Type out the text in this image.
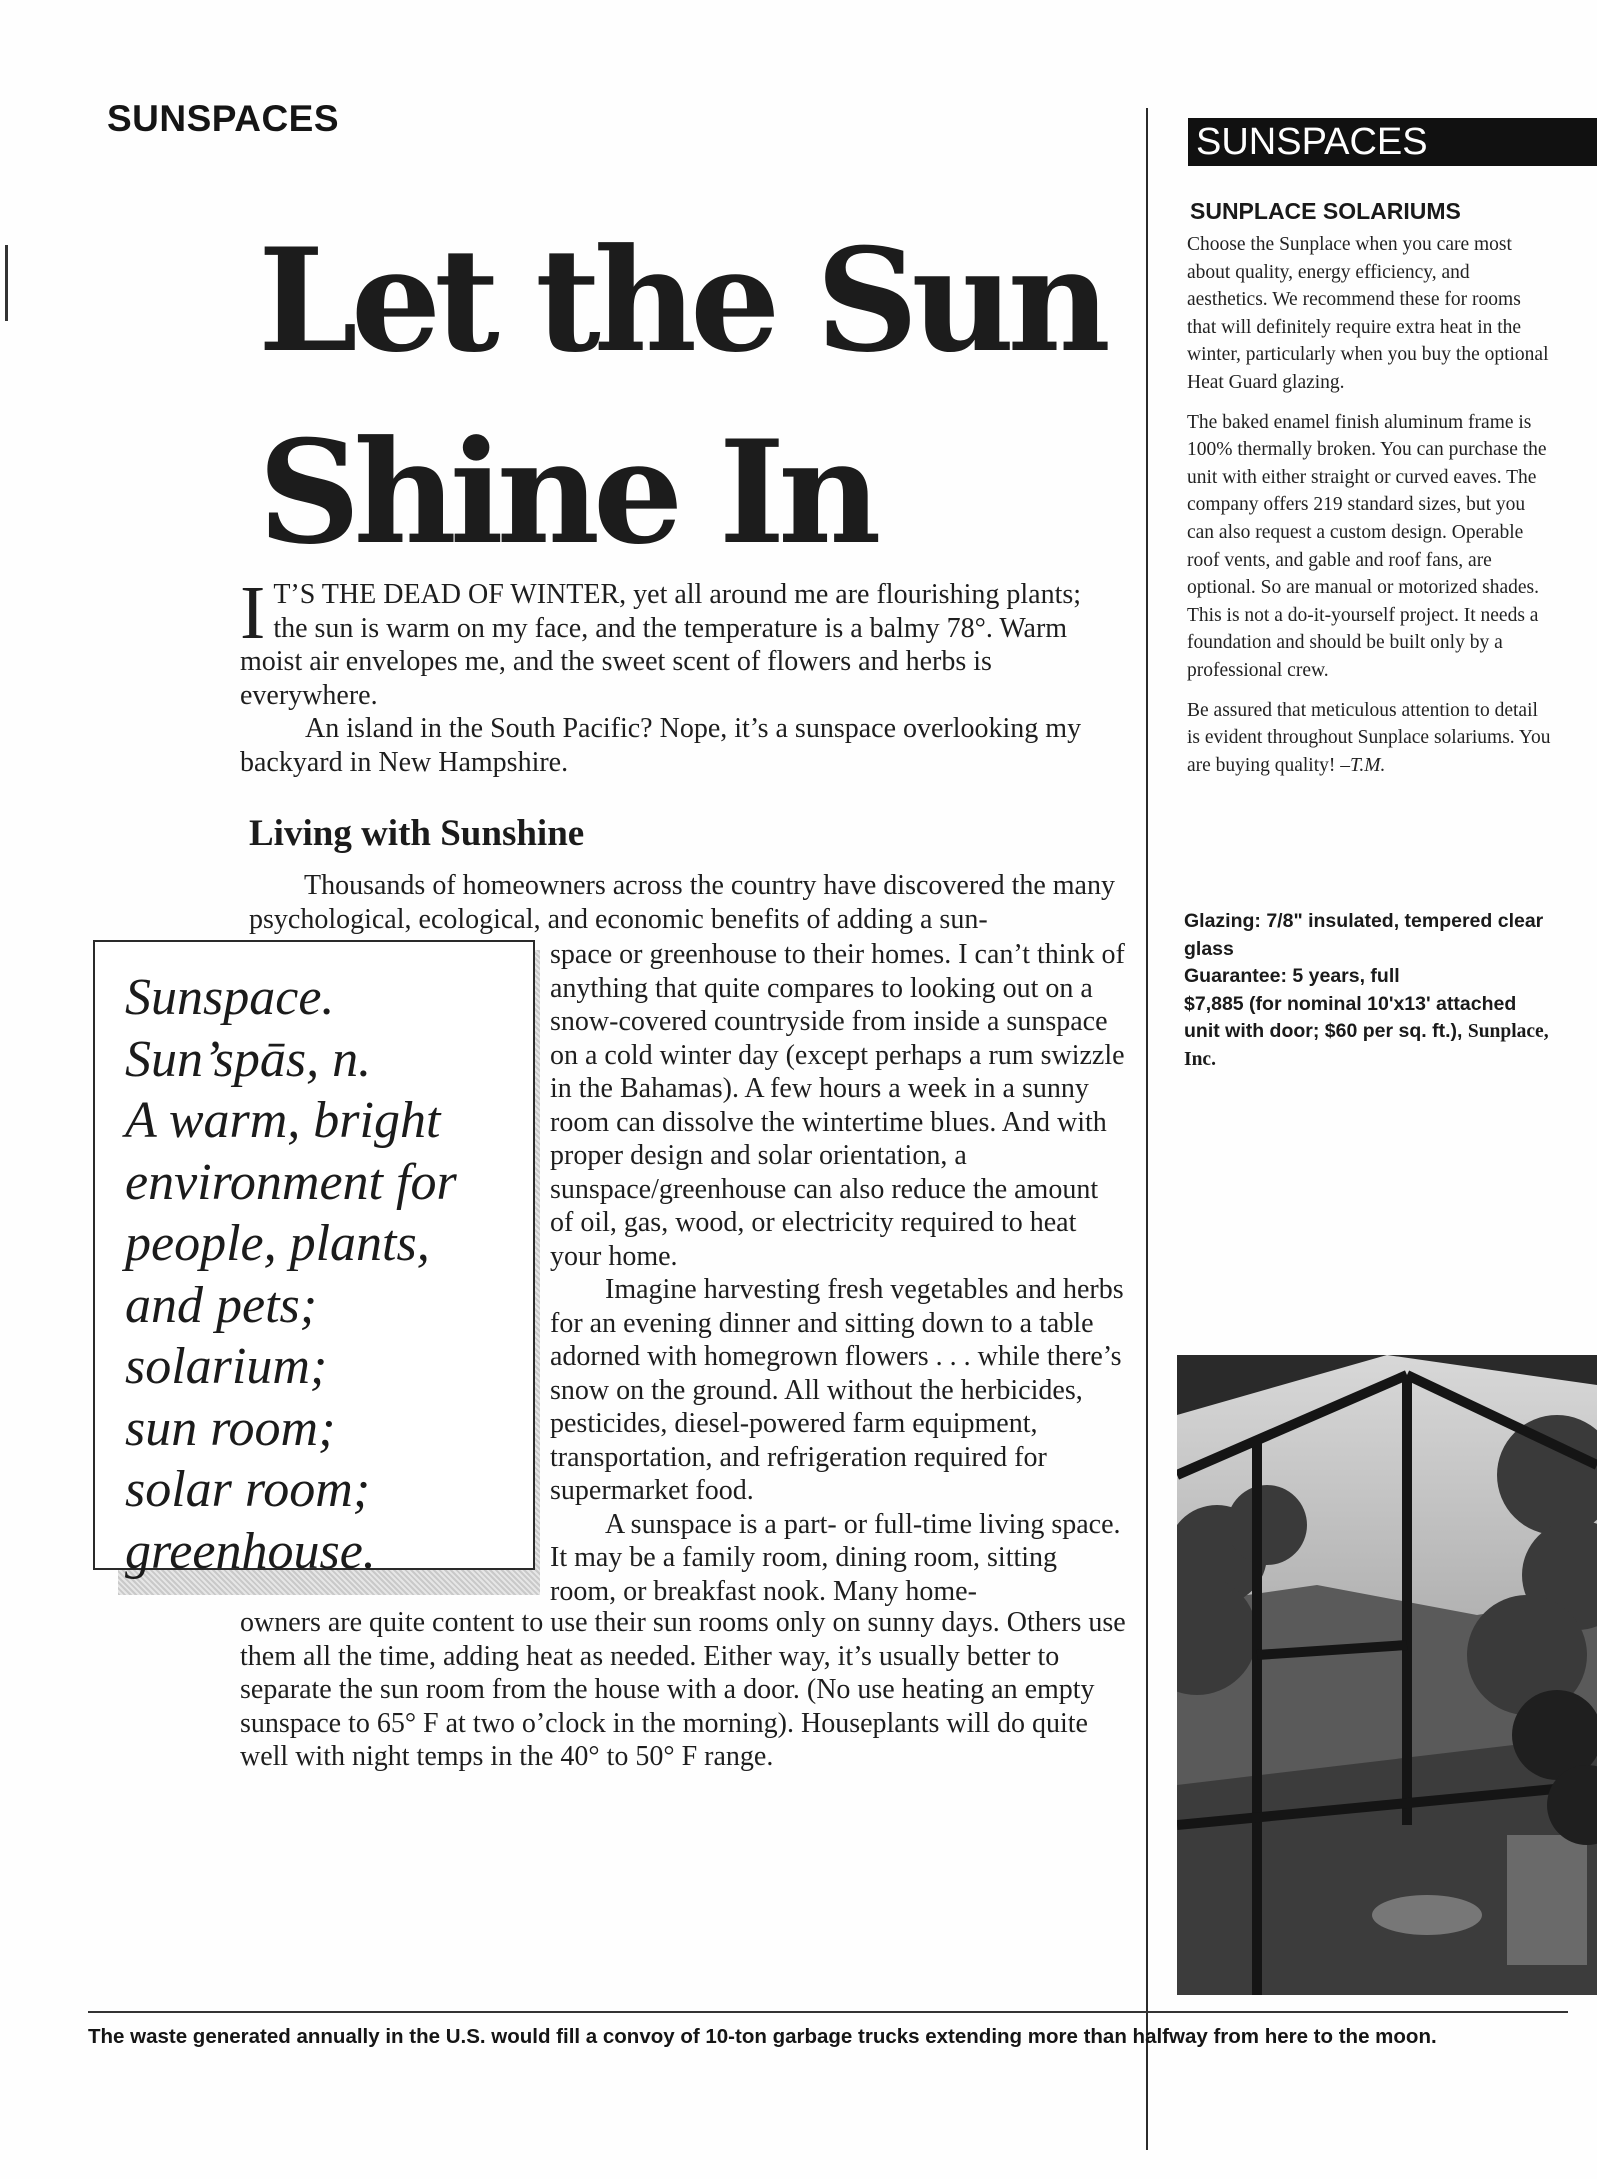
SUNSPACES
Let the Sun
Shine In

I T’S THE DEAD OF WINTER, yet all around me are flourishing plants; the sun is warm on my face, and the temperature is a balmy 78°. Warm moist air envelopes me, and the sweet scent of flowers and herbs is everywhere.

An island in the South Pacific? Nope, it’s a sunspace overlooking my backyard in New Hampshire.

Living with Sunshine

Thousands of homeowners across the country have discovered the many psychological, ecological, and economic benefits of adding a sun-

Sunspace.
Sun’spās, n.
A warm, bright
environment for
people, plants,
and pets;
solarium;
sun room;
solar room;
greenhouse.

space or greenhouse to their homes. I can’t think of anything that quite compares to looking out on a snow-covered countryside from inside a sunspace on a cold winter day (except perhaps a rum swizzle in the Bahamas). A few hours a week in a sunny room can dissolve the wintertime blues. And with proper design and solar orientation, a sunspace/greenhouse can also reduce the amount of oil, gas, wood, or electricity required to heat your home.

Imagine harvesting fresh vegetables and herbs for an evening dinner and sitting down to a table adorned with homegrown flowers . . . while there’s snow on the ground. All without the herbicides, pesticides, diesel-powered farm equipment, transportation, and refrigeration required for supermarket food.

A sunspace is a part- or full-time living space. It may be a family room, dining room, sitting room, or breakfast nook. Many home-

owners are quite content to use their sun rooms only on sunny days. Others use them all the time, adding heat as needed. Either way, it’s usually better to separate the sun room from the house with a door. (No use heating an empty sunspace to 65° F at two o’clock in the morning). Houseplants will do quite well with night temps in the 40° to 50° F range.

SUNSPACES
SUNPLACE SOLARIUMS

Choose the Sunplace when you care most about quality, energy efficiency, and aesthetics. We recommend these for rooms that will definitely require extra heat in the winter, particularly when you buy the optional Heat Guard glazing.

The baked enamel finish aluminum frame is 100% thermally broken. You can purchase the unit with either straight or curved eaves. The company offers 219 standard sizes, but you can also request a custom design. Operable roof vents, and gable and roof fans, are optional. So are manual or motorized shades. This is not a do-it-yourself project. It needs a foundation and should be built only by a professional crew.

Be assured that meticulous attention to detail is evident throughout Sunplace solariums. You are buying quality! –T.M.

Glazing: 7/8" insulated, tempered clear glass

Guarantee: 5 years, full

$7,885 (for nominal 10'x13' attached unit with door; $60 per sq. ft.), Sunplace, Inc.

The waste generated annually in the U.S. would fill a convoy of 10-ton garbage trucks extending more than halfway from here to the moon.
